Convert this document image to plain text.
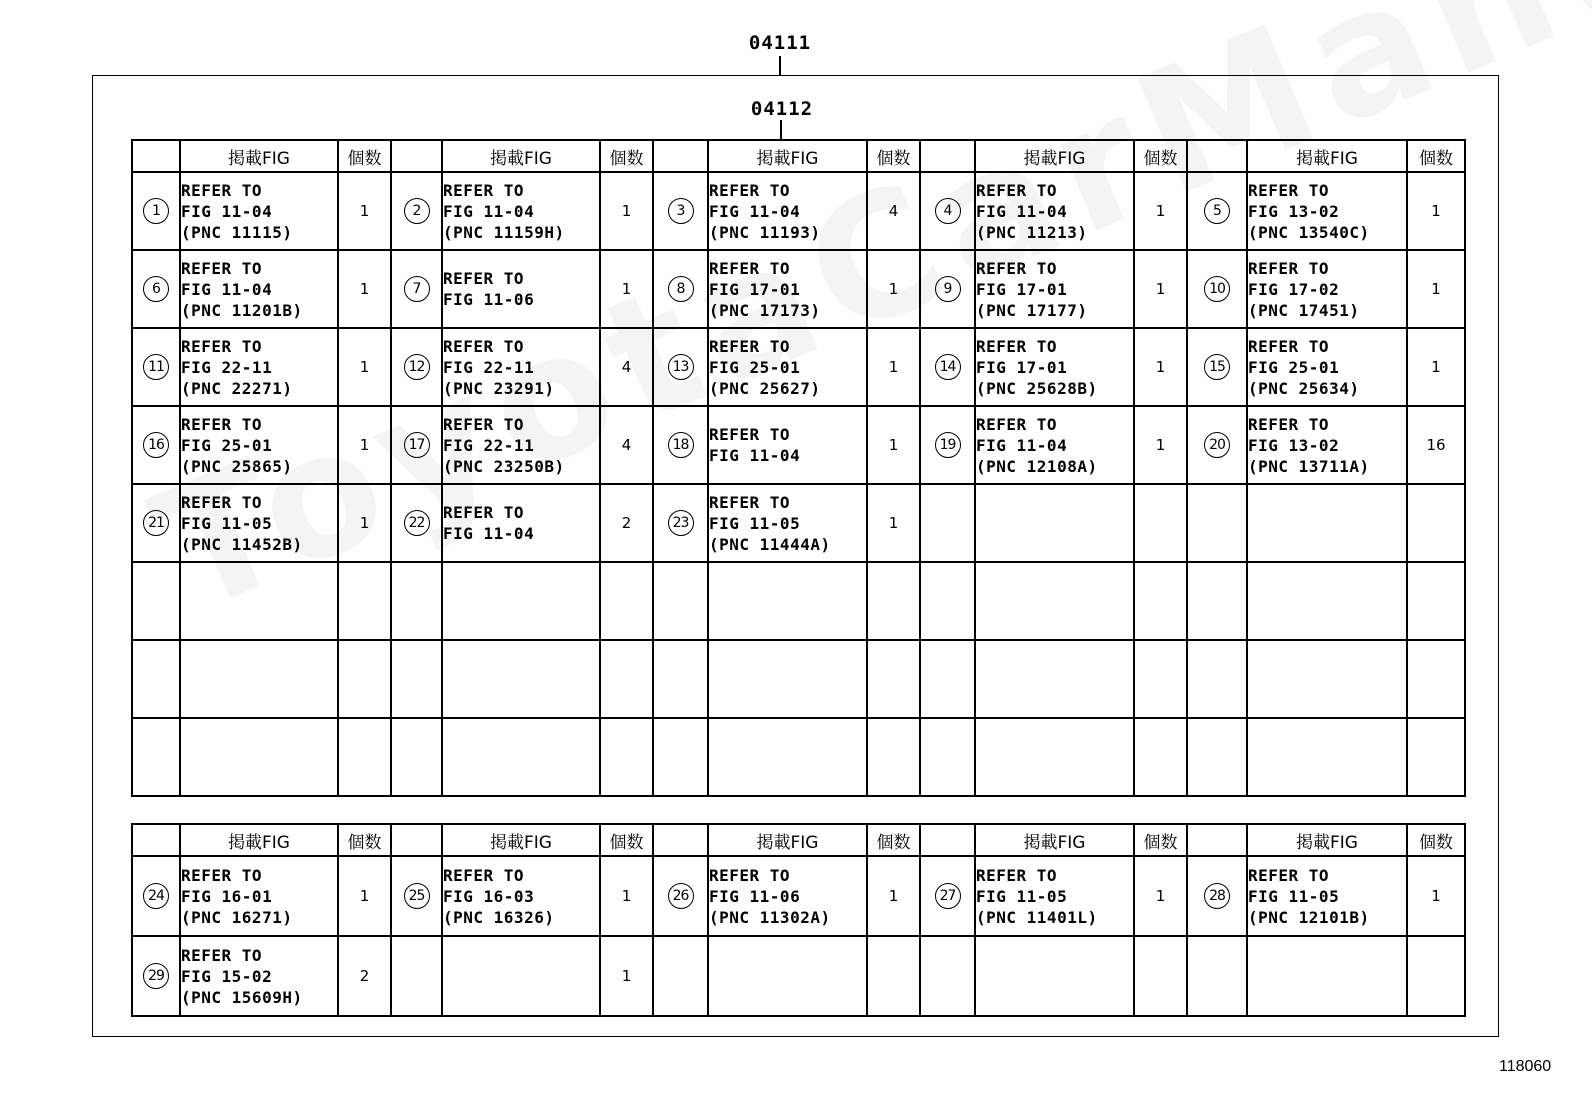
04111
04112
	掲載FIG	個数		掲載FIG	個数		掲載FIG	個数		掲載FIG	個数		掲載FIG	個数
1	REFER TO
FIG 11-04
(PNC 11115)	1	2	REFER TO
FIG 11-04
(PNC 11159H)	1	3	REFER TO
FIG 11-04
(PNC 11193)	4	4	REFER TO
FIG 11-04
(PNC 11213)	1	5	REFER TO
FIG 13-02
(PNC 13540C)	1
6	REFER TO
FIG 11-04
(PNC 11201B)	1	7	REFER TO
FIG 11-06	1	8	REFER TO
FIG 17-01
(PNC 17173)	1	9	REFER TO
FIG 17-01
(PNC 17177)	1	10	REFER TO
FIG 17-02
(PNC 17451)	1
11	REFER TO
FIG 22-11
(PNC 22271)	1	12	REFER TO
FIG 22-11
(PNC 23291)	4	13	REFER TO
FIG 25-01
(PNC 25627)	1	14	REFER TO
FIG 17-01
(PNC 25628B)	1	15	REFER TO
FIG 25-01
(PNC 25634)	1
16	REFER TO
FIG 25-01
(PNC 25865)	1	17	REFER TO
FIG 22-11
(PNC 23250B)	4	18	REFER TO
FIG 11-04	1	19	REFER TO
FIG 11-04
(PNC 12108A)	1	20	REFER TO
FIG 13-02
(PNC 13711A)	16
21	REFER TO
FIG 11-05
(PNC 11452B)	1	22	REFER TO
FIG 11-04	2	23	REFER TO
FIG 11-05
(PNC 11444A)	1						

	掲載FIG	個数		掲載FIG	個数		掲載FIG	個数		掲載FIG	個数		掲載FIG	個数
24	REFER TO
FIG 16-01
(PNC 16271)	1	25	REFER TO
FIG 16-03
(PNC 16326)	1	26	REFER TO
FIG 11-06
(PNC 11302A)	1	27	REFER TO
FIG 11-05
(PNC 11401L)	1	28	REFER TO
FIG 11-05
(PNC 12101B)	1
29	REFER TO
FIG 15-02
(PNC 15609H)	2			1									
118060
